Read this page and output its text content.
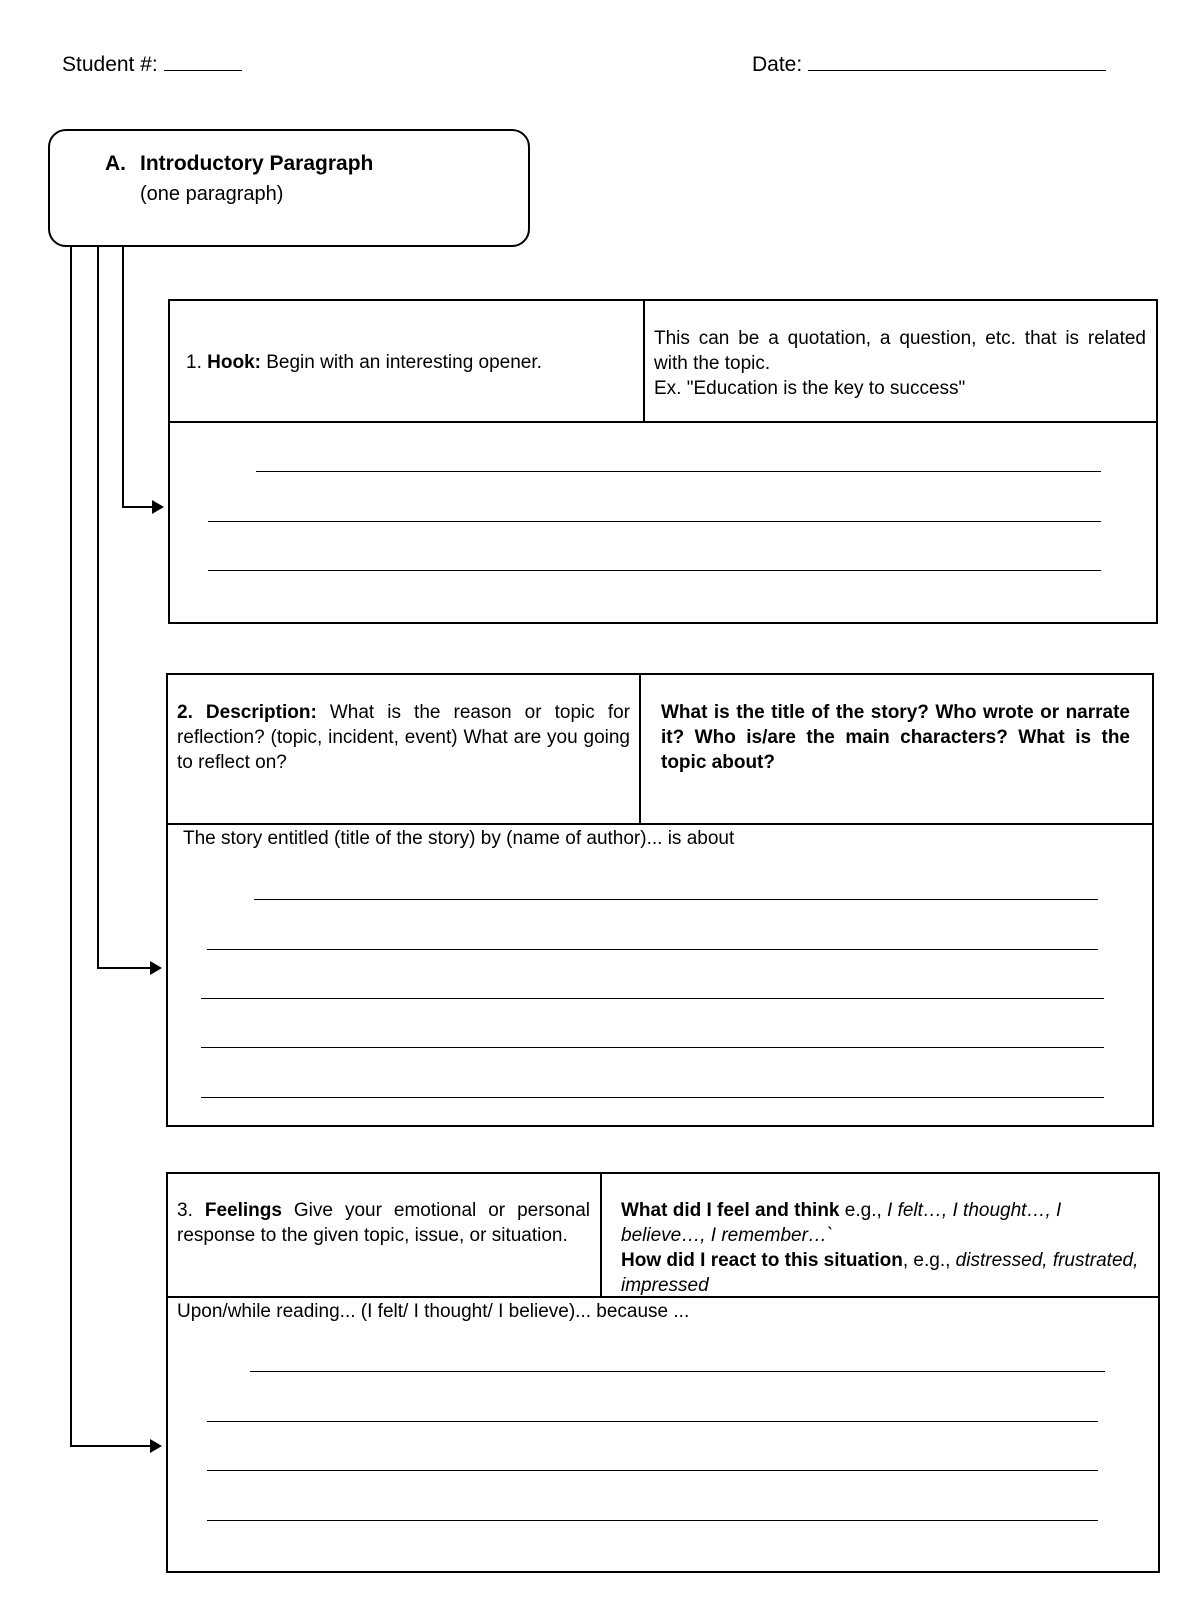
Student #:	Date:
A. Introductory Paragraph
(one paragraph)
1. Hook: Begin with an interesting opener.
This can be a quotation, a question, etc. that is related with the topic.
Ex. "Education is the key to success"
2. Description: What is the reason or topic for reflection? (topic, incident, event) What are you going to reflect on?
What is the title of the story? Who wrote or narrate it? Who is/are the main characters? What is the topic about?
The story entitled (title of the story) by (name of author)... is about
3. Feelings Give your emotional or personal response to the given topic, issue, or situation.
What did I feel and think e.g., I felt…, I thought…, I believe…, I remember…`
How did I react to this situation, e.g., distressed, frustrated, impressed
Upon/while reading... (I felt/ I thought/ I believe)... because ...
